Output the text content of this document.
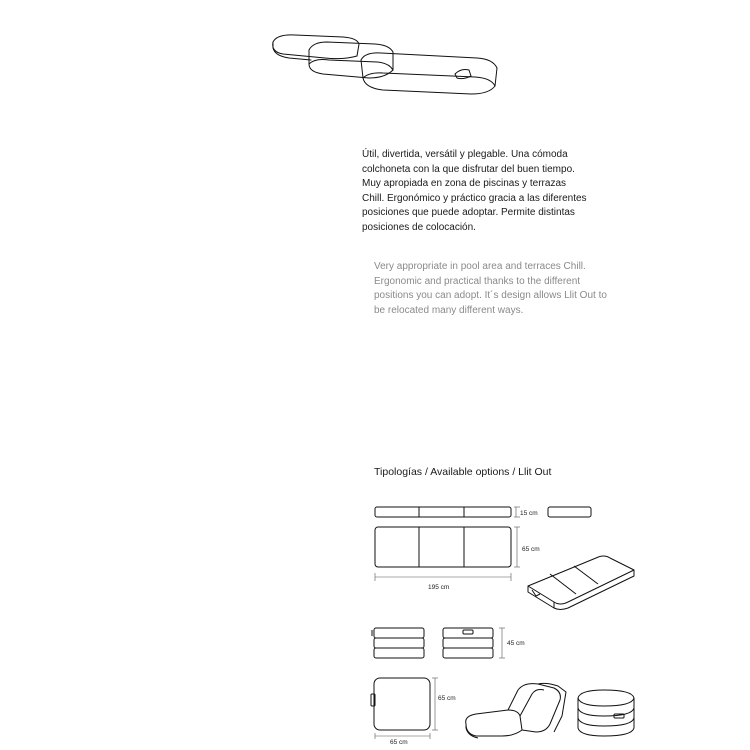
Útil, divertida, versátil y plegable. Una cómoda
colchoneta con la que disfrutar del buen tiempo.
Muy apropiada en zona de piscinas y terrazas
Chill. Ergonómico y práctico gracia a las diferentes
posiciones que puede adoptar. Permite distintas
posiciones de colocación.

Very appropriate in pool area and terraces Chill.
Ergonomic and practical thanks to the different
positions you can adopt. It´s design allows Llit Out to
be relocated many different ways.

Tipologías / Available options / Llit Out

15 cm
65 cm
195 cm
45 cm
65 cm
65 cm
